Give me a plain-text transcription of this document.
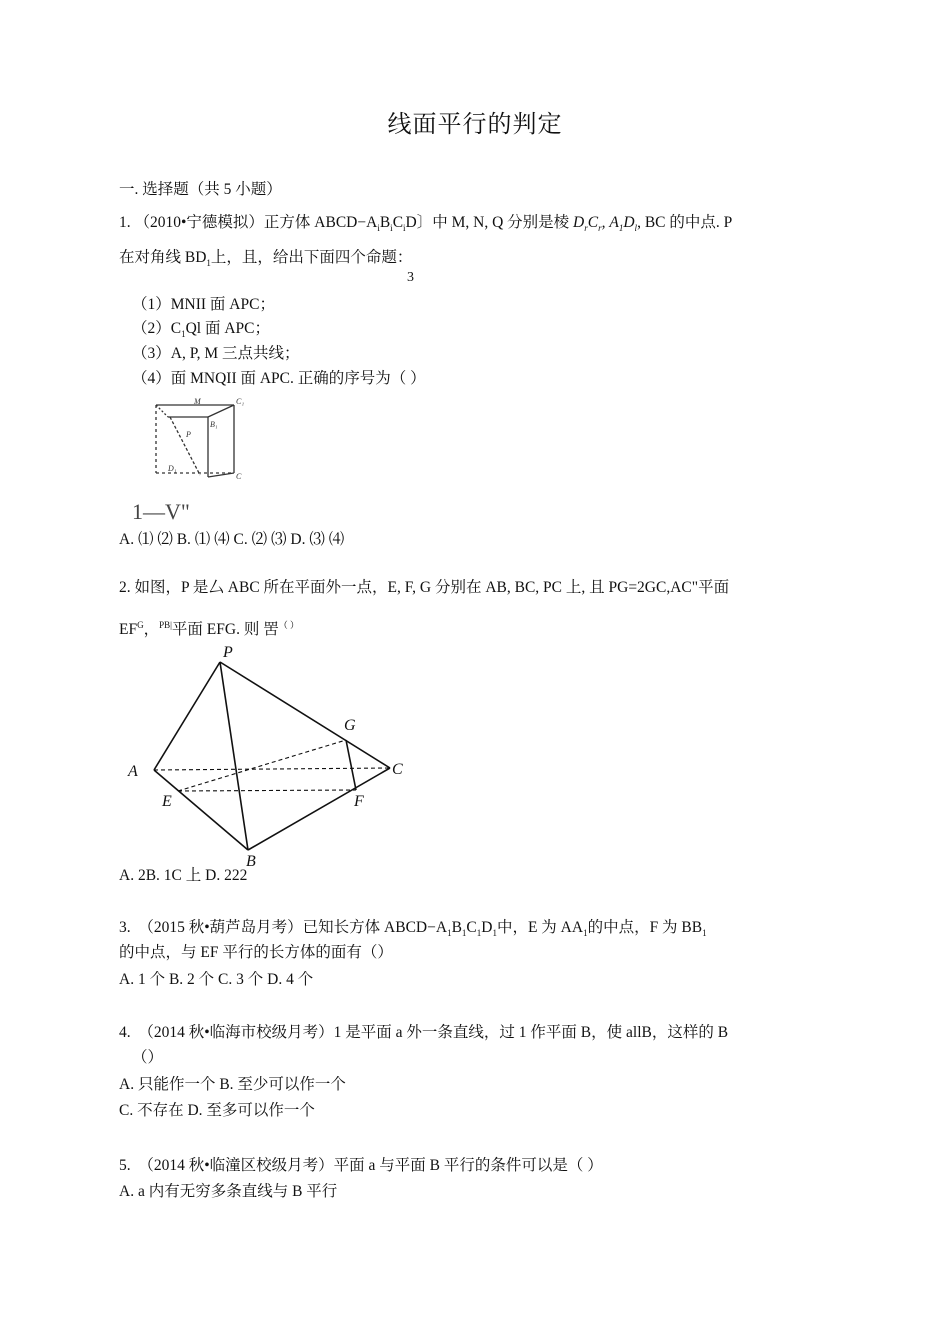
线面平行的判定
一. 选择题（共 5 小题）
1. （2010•宁德模拟）正方体 $ABCD-A_iB_iC_iD$〕中 M, N, Q 分别是棱 $D_rC_r$, $A_1D_l$, BC 的中点. P
在对角线 $BD_1$上，且，给出下面四个命题：
3
（1）MNII 面 APC；
$(2)C_1Ql$ 面 APC；
（3）A, P, M 三点共线；
（4）面 MNQII 面 APC. 正确的序号为（ ）
M	C₁
B₁
P
D₁
C
1—V"
A. ⑴ ⑵ B. ⑴ ⑷ C. ⑵ ⑶ D. ⑶ ⑷
2. 如图，P 是厶 ABC 所在平面外一点，E, F, G 分别在 AB, BC, PC 上, 且 PG=2GC,AC"平面
$EF^G$，$^{PB|}$平面 EFG. 则 罟（ ）
P
A
B
C
E	F
G
A. 2B. 1C 上 D. 222
3.　（2015 秋•葫芦岛月考）已知长方体 $ABCD-A_1B_1C_1D_1$中，E 为 $AA_1$的中点，F 为 $BB_1$
的中点，与 EF 平行的长方体的面有（）
A. 1 个 B. 2 个 C. 3 个 D. 4 个
4.　（2014 秋•临海市校级月考）1 是平面 a 外一条直线，过 1 作平面 B，使 allB，这样的 B
（）
A. 只能作一个 B. 至少可以作一个
C. 不存在 D. 至多可以作一个
5.　（2014 秋•临潼区校级月考）平面 a 与平面 B 平行的条件可以是（ ）
A. a 内有无穷多条直线与 B 平行
